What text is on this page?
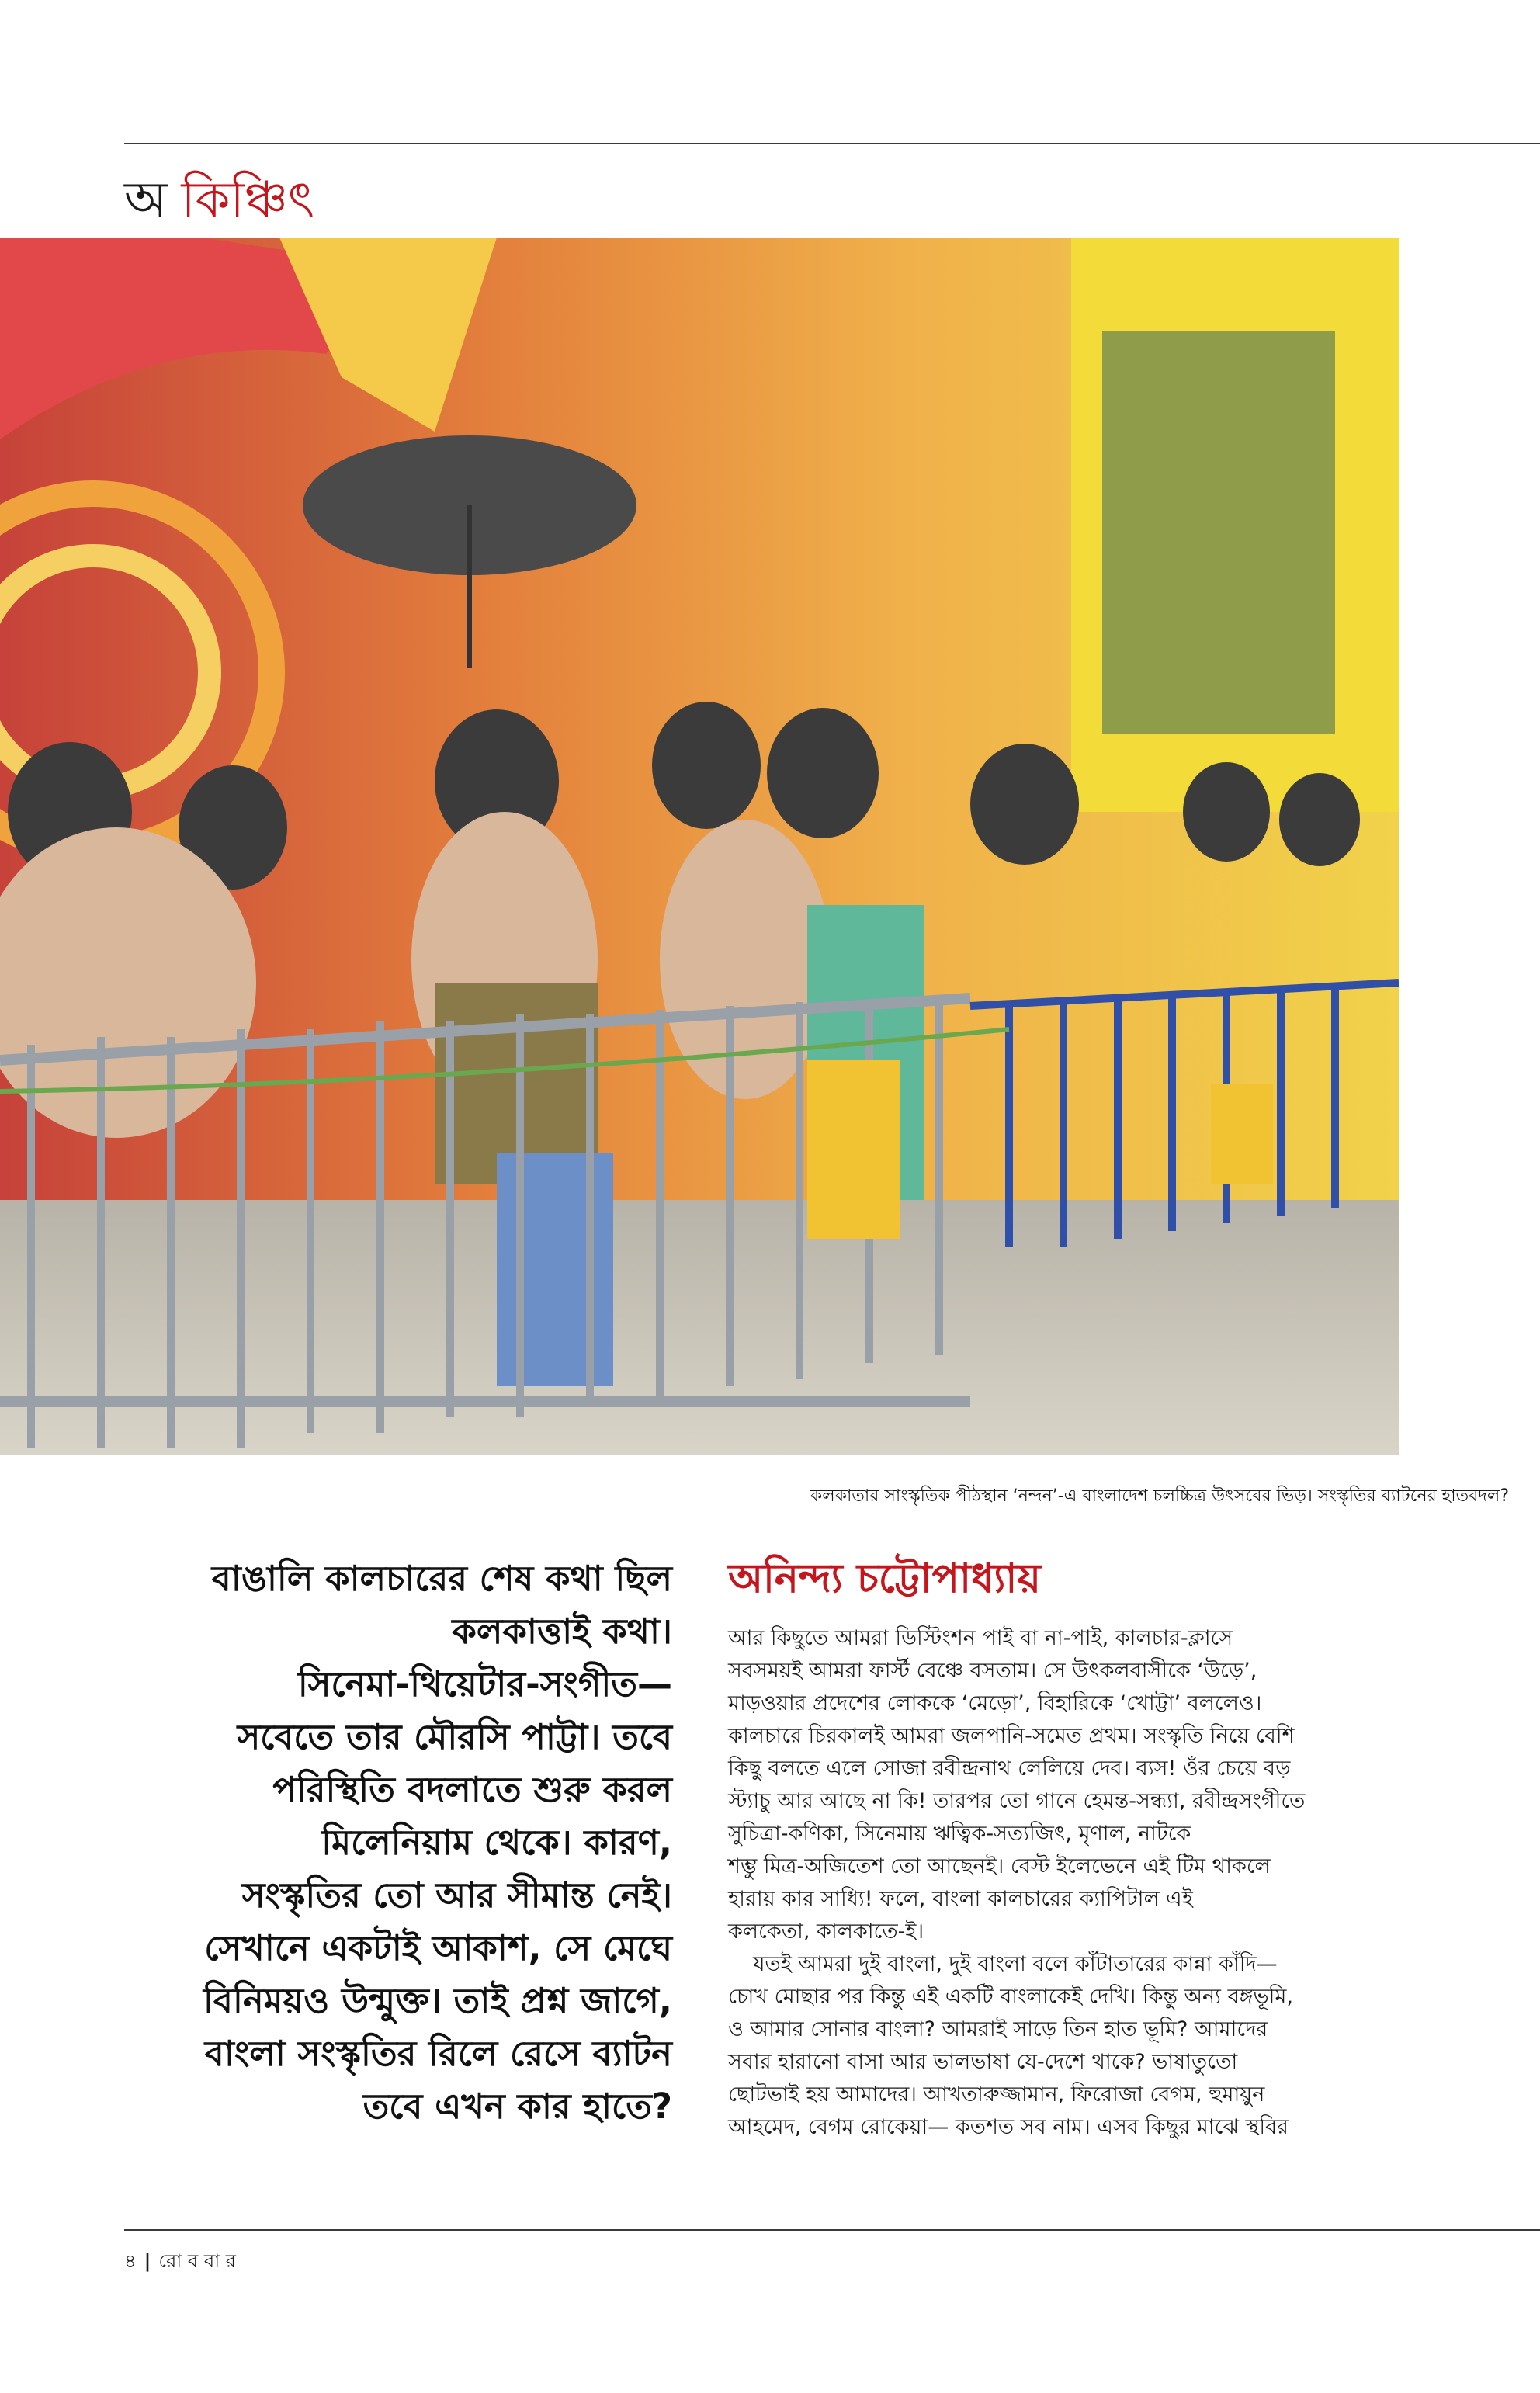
অ কিঞ্চিৎ
কলকাতার সাংস্কৃতিক পীঠস্থান ‘নন্দন’-এ বাংলাদেশ চলচ্চিত্র উৎসবের ভিড়। সংস্কৃতির ব্যাটনের হাতবদল?
বাঙালি কালচারের শেষ কথা ছিল
কলকাত্তাই কথা।
সিনেমা-থিয়েটার-সংগীত—
সবেতে তার মৌরসি পাট্টা। তবে
পরিস্থিতি বদলাতে শুরু করল
মিলেনিয়াম থেকে। কারণ,
সংস্কৃতির তো আর সীমান্ত নেই।
সেখানে একটাই আকাশ, সে মেঘে
বিনিময়ও উন্মুক্ত। তাই প্রশ্ন জাগে,
বাংলা সংস্কৃতির রিলে রেসে ব্যাটন
তবে এখন কার হাতে?
অনিন্দ্য চট্টোপাধ্যায়
আর কিছুতে আমরা ডিস্টিংশন পাই বা না-পাই, কালচার-ক্লাসে
সবসময়ই আমরা ফার্স্ট বেঞ্চে বসতাম। সে উৎকলবাসীকে ‘উড়ে’,
মাড়ওয়ার প্রদেশের লোককে ‘মেড়ো’, বিহারিকে ‘খোট্টা’ বললেও।
কালচারে চিরকালই আমরা জলপানি-সমেত প্রথম। সংস্কৃতি নিয়ে বেশি
কিছু বলতে এলে সোজা রবীন্দ্রনাথ লেলিয়ে দেব। ব্যস! ওঁর চেয়ে বড়
স্ট্যাচু আর আছে না কি! তারপর তো গানে হেমন্ত-সন্ধ্যা, রবীন্দ্রসংগীতে
সুচিত্রা-কণিকা, সিনেমায় ঋত্বিক-সত্যজিৎ, মৃণাল, নাটকে
শম্ভু মিত্র-অজিতেশ তো আছেনই। বেস্ট ইলেভেনে এই টিম থাকলে
হারায় কার সাধ্যি! ফলে, বাংলা কালচারের ক্যাপিটাল এই
কলকেতা, কালকাতে-ই।
যতই আমরা দুই বাংলা, দুই বাংলা বলে কাঁটাতারের কান্না কাঁদি—
চোখ মোছার পর কিন্তু এই একটি বাংলাকেই দেখি। কিন্তু অন্য বঙ্গভূমি,
ও আমার সোনার বাংলা? আমরাই সাড়ে তিন হাত ভূমি? আমাদের
সবার হারানো বাসা আর ভালভাষা যে-দেশে থাকে? ভাষাতুতো
ছোটভাই হয় আমাদের। আখতারুজ্জামান, ফিরোজা বেগম, হুমায়ুন
আহমেদ, বেগম রোকেয়া— কতশত সব নাম। এসব কিছুর মাঝে স্থবির
৪ | রো ব বা র
